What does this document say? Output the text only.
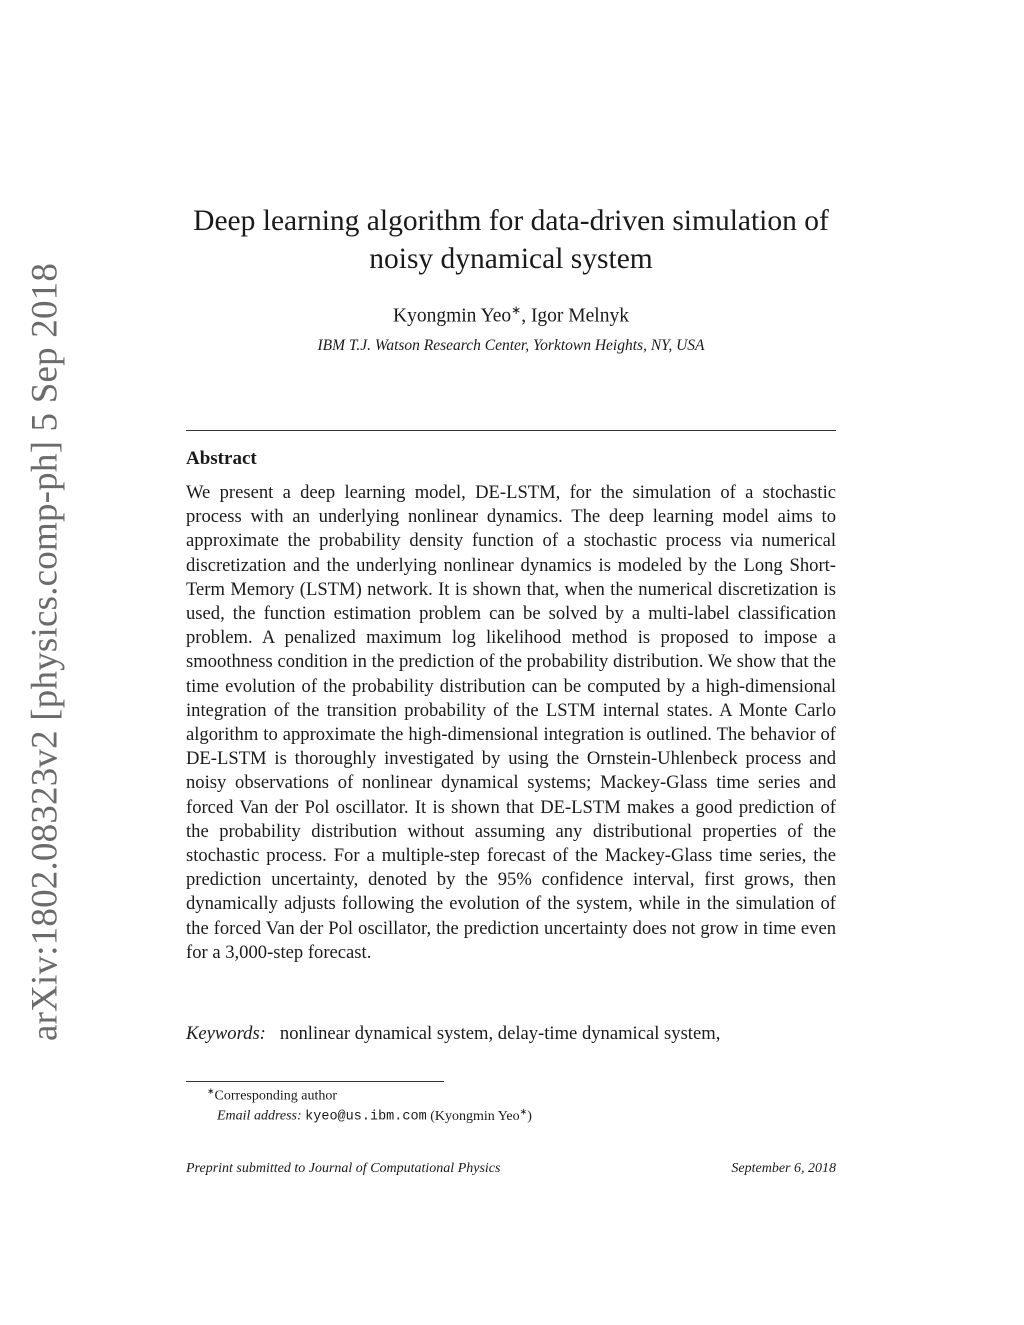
arXiv:1802.08323v2 [physics.comp-ph] 5 Sep 2018
Deep learning algorithm for data-driven simulation of
noisy dynamical system
Kyongmin Yeo∗, Igor Melnyk
IBM T.J. Watson Research Center, Yorktown Heights, NY, USA
Abstract

We present a deep learning model, DE-LSTM, for the simulation of a stochastic process with an underlying nonlinear dynamics. The deep learning model aims to approximate the probability density function of a stochastic process via numerical discretization and the underlying nonlinear dynamics is modeled by the Long Short-Term Memory (LSTM) network. It is shown that, when the numerical discretization is used, the function estimation problem can be solved by a multi-label classification problem. A penalized maximum log likelihood method is proposed to impose a smoothness condition in the prediction of the probability distribution. We show that the time evolution of the probability distribution can be computed by a high-dimensional integration of the transition probability of the LSTM internal states. A Monte Carlo algorithm to approximate the high-dimensional integration is outlined. The behavior of DE-LSTM is thoroughly investigated by using the Ornstein-Uhlenbeck process and noisy observations of nonlinear dynamical systems; Mackey-Glass time series and forced Van der Pol oscillator. It is shown that DE-LSTM makes a good prediction of the probability distribution without assuming any distributional properties of the stochastic process. For a multiple-step forecast of the Mackey-Glass time series, the prediction uncertainty, denoted by the 95% confidence interval, first grows, then dynamically adjusts following the evolution of the system, while in the simulation of the forced Van der Pol oscillator, the prediction uncertainty does not grow in time even for a 3,000-step forecast.

Keywords: nonlinear dynamical system, delay-time dynamical system,
∗Corresponding author
Email address: kyeo@us.ibm.com (Kyongmin Yeo∗)
Preprint submitted to Journal of Computational Physics	September 6, 2018
